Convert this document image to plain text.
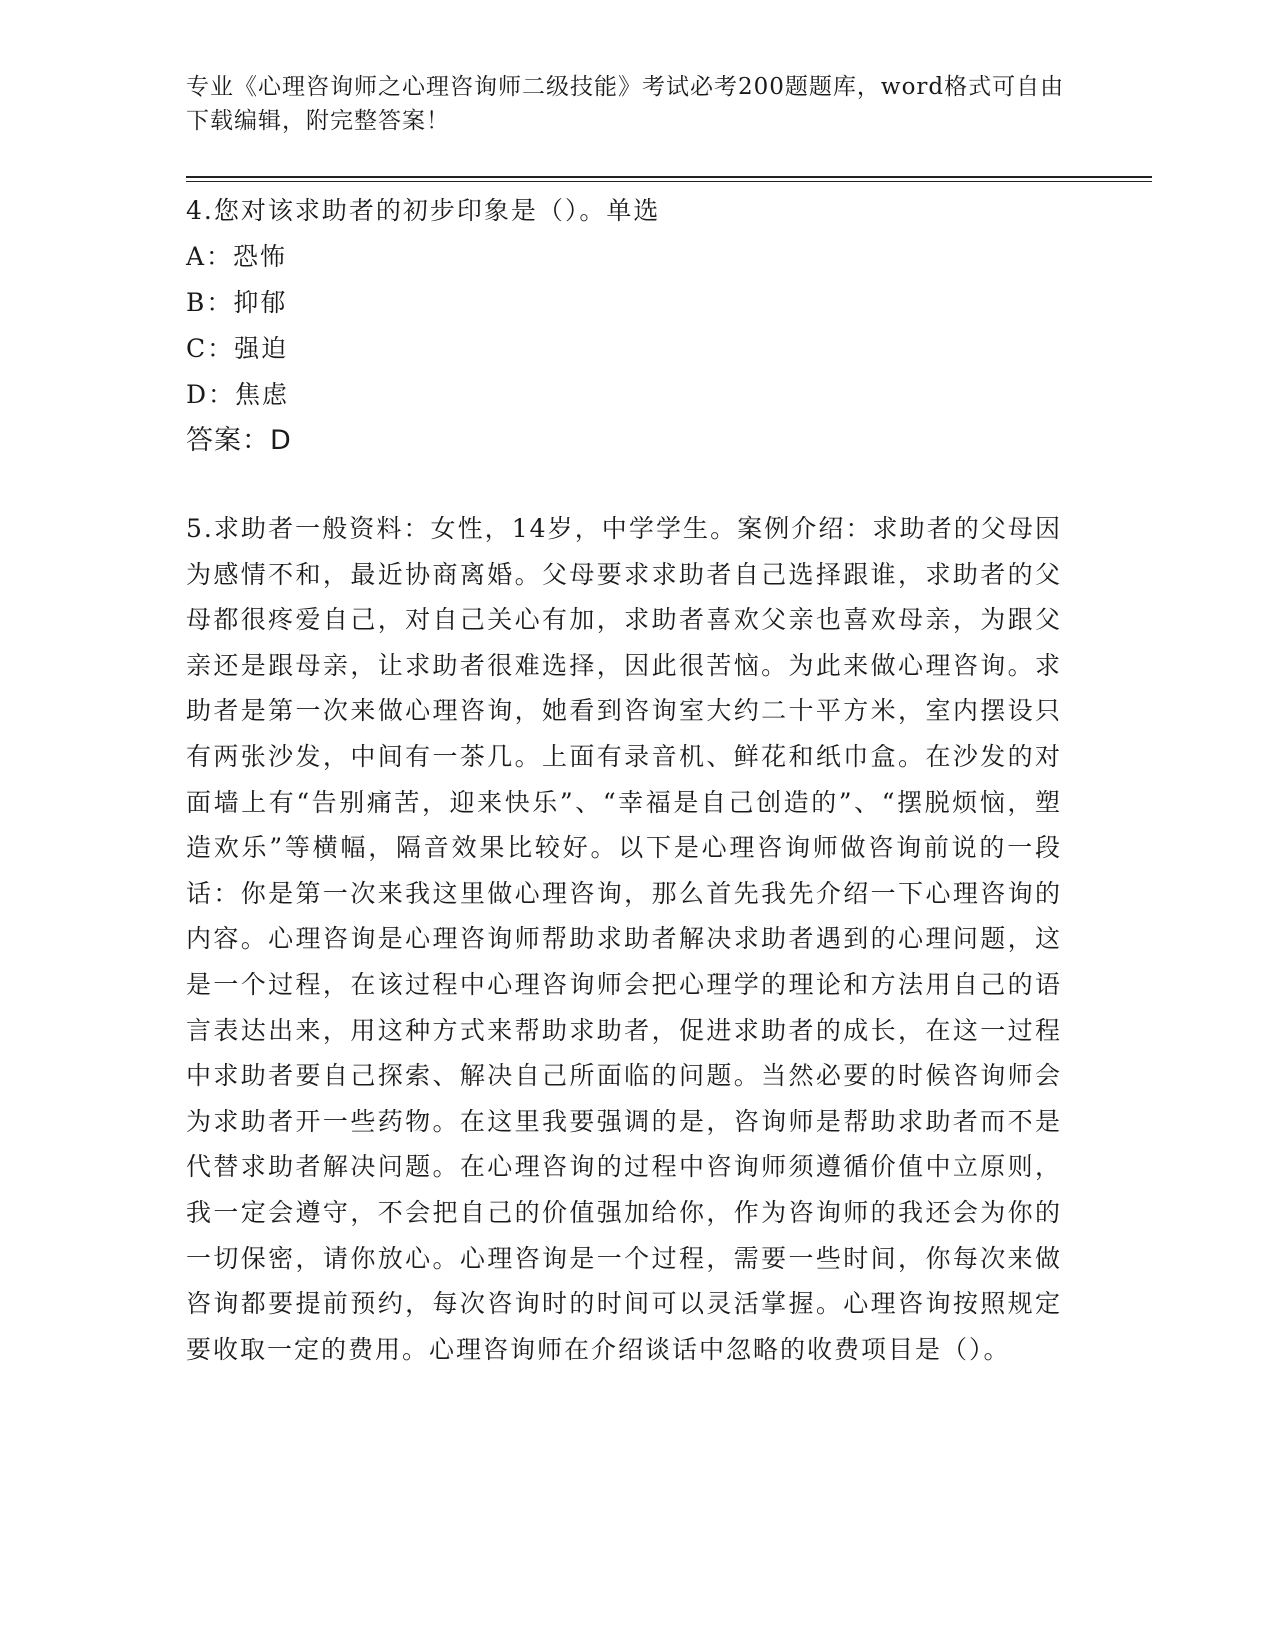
专业《心理咨询师之心理咨询师二级技能》考试必考200题题库，word格式可自由下载编辑，附完整答案！
4.您对该求助者的初步印象是（）。单选
A：恐怖
B：抑郁
C：强迫
D：焦虑
答案：D
5.求助者一般资料：女性，14岁，中学学生。案例介绍：求助者的父母因为感情不和，最近协商离婚。父母要求求助者自己选择跟谁，求助者的父母都很疼爱自己，对自己关心有加，求助者喜欢父亲也喜欢母亲，为跟父亲还是跟母亲，让求助者很难选择，因此很苦恼。为此来做心理咨询。求助者是第一次来做心理咨询，她看到咨询室大约二十平方米，室内摆设只有两张沙发，中间有一茶几。上面有录音机、鲜花和纸巾盒。在沙发的对面墙上有“告别痛苦，迎来快乐”、“幸福是自己创造的”、“摆脱烦恼，塑造欢乐”等横幅，隔音效果比较好。以下是心理咨询师做咨询前说的一段话：你是第一次来我这里做心理咨询，那么首先我先介绍一下心理咨询的内容。心理咨询是心理咨询师帮助求助者解决求助者遇到的心理问题，这是一个过程，在该过程中心理咨询师会把心理学的理论和方法用自己的语言表达出来，用这种方式来帮助求助者，促进求助者的成长，在这一过程中求助者要自己探索、解决自己所面临的问题。当然必要的时候咨询师会为求助者开一些药物。在这里我要强调的是，咨询师是帮助求助者而不是代替求助者解决问题。在心理咨询的过程中咨询师须遵循价值中立原则，我一定会遵守，不会把自己的价值强加给你，作为咨询师的我还会为你的一切保密，请你放心。心理咨询是一个过程，需要一些时间，你每次来做咨询都要提前预约，每次咨询时的时间可以灵活掌握。心理咨询按照规定要收取一定的费用。心理咨询师在介绍谈话中忽略的收费项目是（）。
